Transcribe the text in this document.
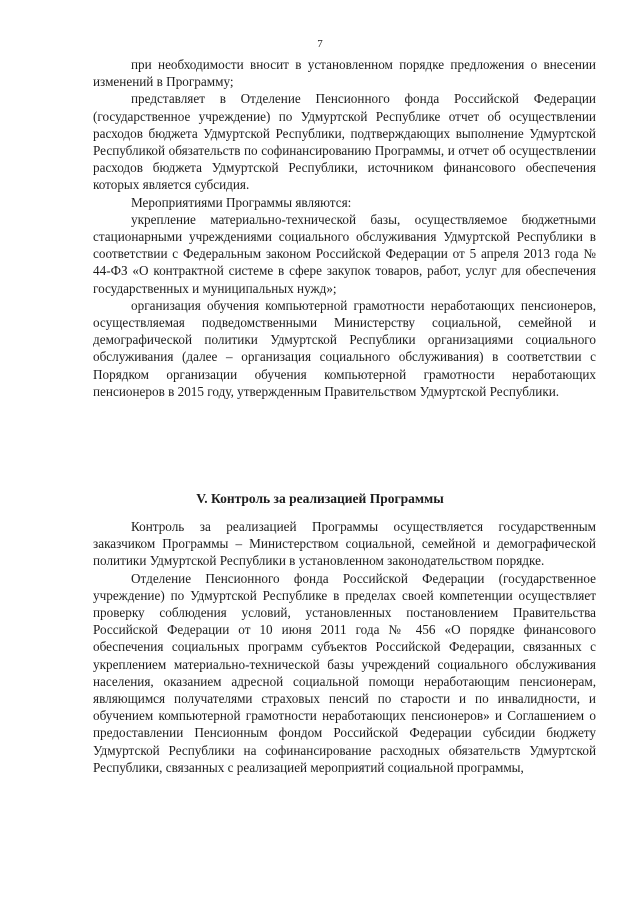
7

при необходимости вносит в установленном порядке предложения о внесении изменений в Программу;

представляет в Отделение Пенсионного фонда Российской Федерации (государственное учреждение) по Удмуртской Республике отчет об осуществлении расходов бюджета Удмуртской Республики, подтверждающих выполнение Удмуртской Республикой обязательств по софинансированию Программы, и отчет об осуществлении расходов бюджета Удмуртской Республики, источником финансового обеспечения которых является субсидия.

Мероприятиями Программы являются:

укрепление материально-технической базы, осуществляемое бюджетными стационарными учреждениями социального обслуживания Удмуртской Республики в соответствии с Федеральным законом Российской Федерации от 5 апреля 2013 года № 44-ФЗ «О контрактной системе в сфере закупок товаров, работ, услуг для обеспечения государственных и муниципальных нужд»;

организация обучения компьютерной грамотности неработающих пенсионеров, осуществляемая подведомственными Министерству социальной, семейной и демографической политики Удмуртской Республики организациями социального обслуживания (далее – организация социального обслуживания) в соответствии с Порядком организации обучения компьютерной грамотности неработающих пенсионеров в 2015 году, утвержденным Правительством Удмуртской Республики.

V. Контроль за реализацией Программы

Контроль за реализацией Программы осуществляется государственным заказчиком Программы – Министерством социальной, семейной и демографической политики Удмуртской Республики в установленном законодательством порядке.

Отделение Пенсионного фонда Российской Федерации (государственное учреждение) по Удмуртской Республике в пределах своей компетенции осуществляет проверку соблюдения условий, установленных постановлением Правительства Российской Федерации от 10 июня 2011 года № 456 «О порядке финансового обеспечения социальных программ субъектов Российской Федерации, связанных с укреплением материально-технической базы учреждений социального обслуживания населения, оказанием адресной социальной помощи неработающим пенсионерам, являющимся получателями страховых пенсий по старости и по инвалидности, и обучением компьютерной грамотности неработающих пенсионеров» и Соглашением о предоставлении Пенсионным фондом Российской Федерации субсидии бюджету Удмуртской Республики на софинансирование расходных обязательств Удмуртской Республики, связанных с реализацией мероприятий социальной программы,
